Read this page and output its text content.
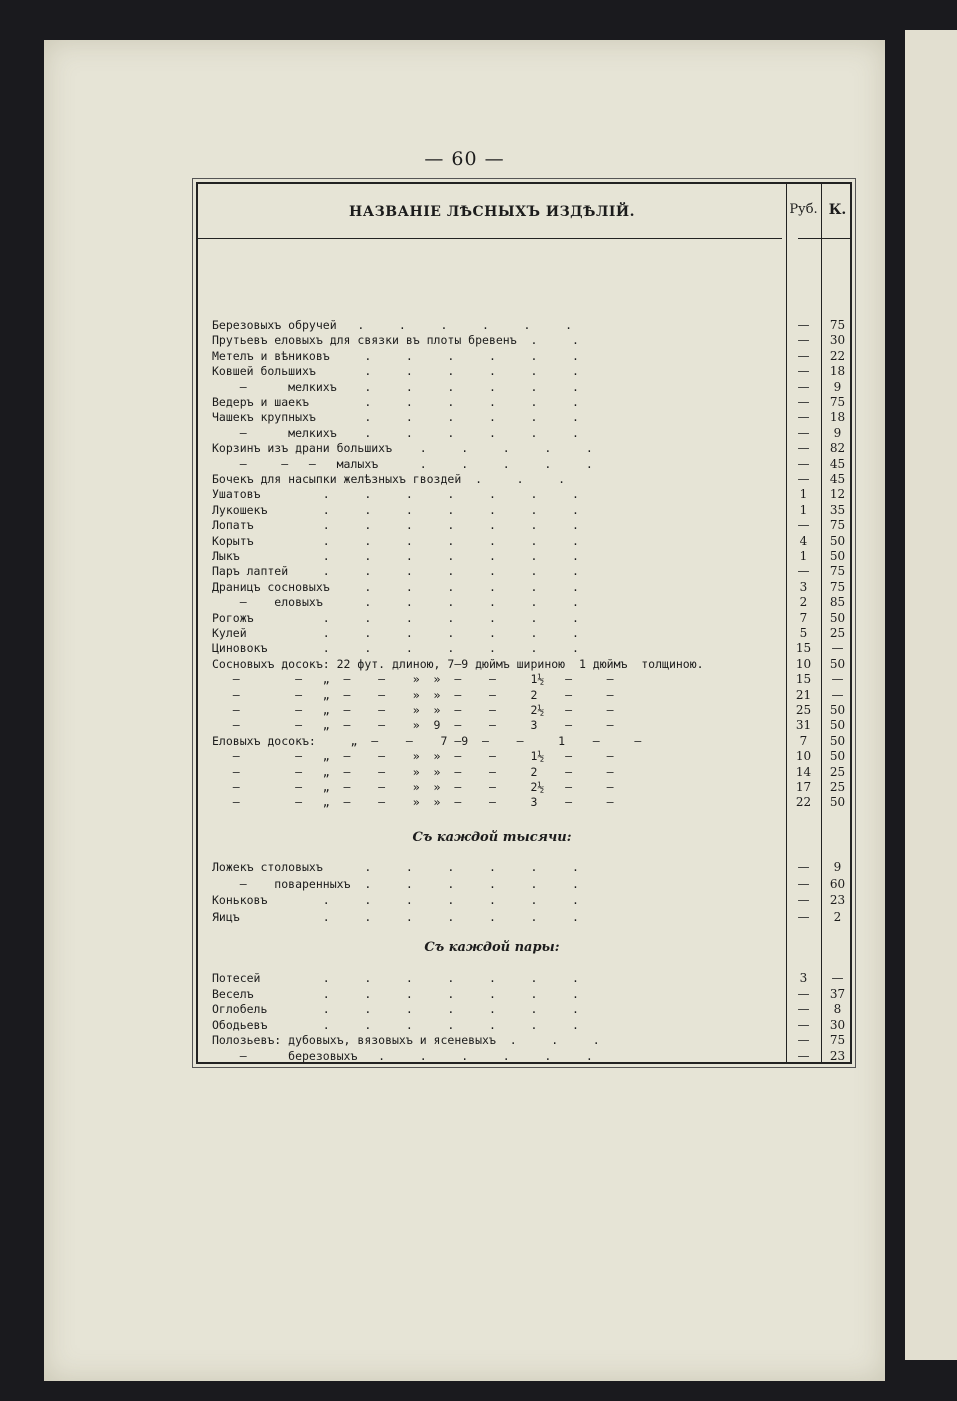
— 60 —
НАЗВАНІЕ ЛѢСНЫХЪ ИЗДѢЛІЙ.	Руб. К.
Березовыхъ обручей   .     .     .     .     .     .	—	75
Прутьевъ еловыхъ для связки въ плоты бревенъ  .     .	—	30
Метелъ и вѣниковъ     .     .     .     .     .     .	—	22
Ковшей большихъ       .     .     .     .     .     .	—	18
—      мелкихъ    .     .     .     .     .     .	—	9
Ведеръ и шаекъ        .     .     .     .     .     .	—	75
Чашекъ крупныхъ       .     .     .     .     .     .	—	18
—      мелкихъ    .     .     .     .     .     .	—	9
Корзинъ изъ драни большихъ    .     .     .     .     .	—	82
—     —   —   малыхъ      .     .     .     .     .	—	45
Бочекъ для насыпки желѣзныхъ гвоздей  .     .     .	—	45
Ушатовъ         .     .     .     .     .     .     .	1	12
Лукошекъ        .     .     .     .     .     .     .	1	35
Лопатъ          .     .     .     .     .     .     .	—	75
Корытъ          .     .     .     .     .     .     .	4	50
Лыкъ            .     .     .     .     .     .     .	1	50
Паръ лаптей     .     .     .     .     .     .     .	—	75
Драницъ сосновыхъ     .     .     .     .     .     .	3	75
—    еловыхъ      .     .     .     .     .     .	2	85
Рогожъ          .     .     .     .     .     .     .	7	50
Кулей           .     .     .     .     .     .     .	5	25
Циновокъ        .     .     .     .     .     .     .	15	—
Сосновыхъ досокъ: 22 фут. длиною, 7—9 дюймъ шириною  1 дюймъ  толщиною.	10	50
—        —   „  —    —    »  »  —    —     1½   —     —	15	—
—        —   „  —    —    »  »  —    —     2    —     —	21	—
—        —   „  —    —    »  »  —    —     2½   —     —	25	50
—        —   „  —    —    »  9  —    —     3    —     —	31	50
Еловыхъ досокъ:     „  —    —    7 —9  —    —     1    —     —	7	50
—        —   „  —    —    »  »  —    —     1½   —     —	10	50
—        —   „  —    —    »  »  —    —     2    —     —	14	25
—        —   „  —    —    »  »  —    —     2½   —     —	17	25
—        —   „  —    —    »  »  —    —     3    —     —	22	50
Съ каждой тысячи:
Ложекъ столовыхъ      .     .     .     .     .     .	—	9
—    поваренныхъ  .     .     .     .     .     .	—	60
Коньковъ        .     .     .     .     .     .     .	—	23
Яицъ            .     .     .     .     .     .     .	—	2
Съ каждой пары:
Потесей         .     .     .     .     .     .     .	3	—
Веселъ          .     .     .     .     .     .     .	—	37
Оглобель        .     .     .     .     .     .     .	—	8
Ободьевъ        .     .     .     .     .     .     .	—	30
Полозьевъ: дубовыхъ, вязовыхъ и ясеневыхъ  .     .     .	—	75
—      березовыхъ   .     .     .     .     .     .	—	23
